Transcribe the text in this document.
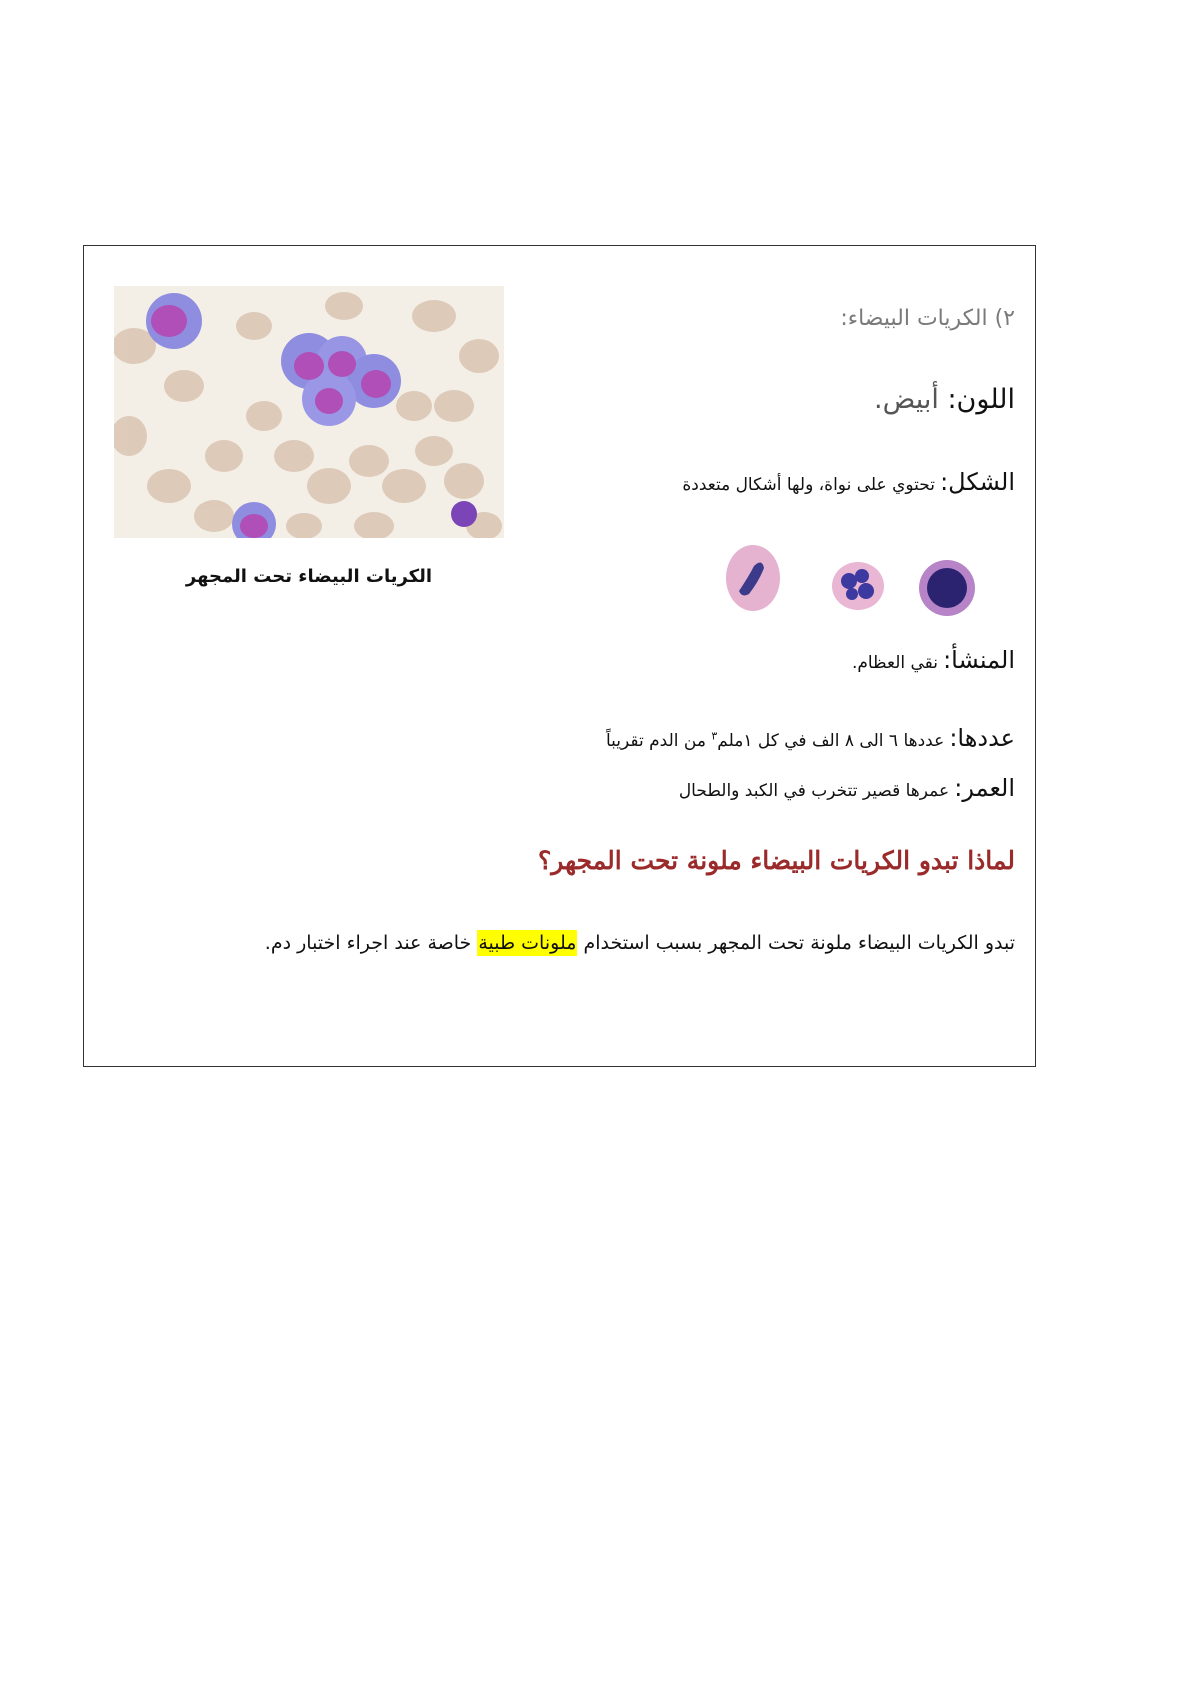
الكريات البيضاء تحت المجهر
٢) الكريات البيضاء:
اللون: أبيض.
الشكل: تحتوي على نواة، ولها أشكال متعددة
المنشأ: نقي العظام.
عددها: عددها ٦ الى ٨ الف في كل ١ملم$^٣$ من الدم تقريباً
العمر: عمرها قصير تتخرب في الكبد والطحال
لماذا تبدو الكريات البيضاء ملونة تحت المجهر؟
تبدو الكريات البيضاء ملونة تحت المجهر بسبب استخدام ملونات طبية خاصة عند اجراء اختبار دم.
